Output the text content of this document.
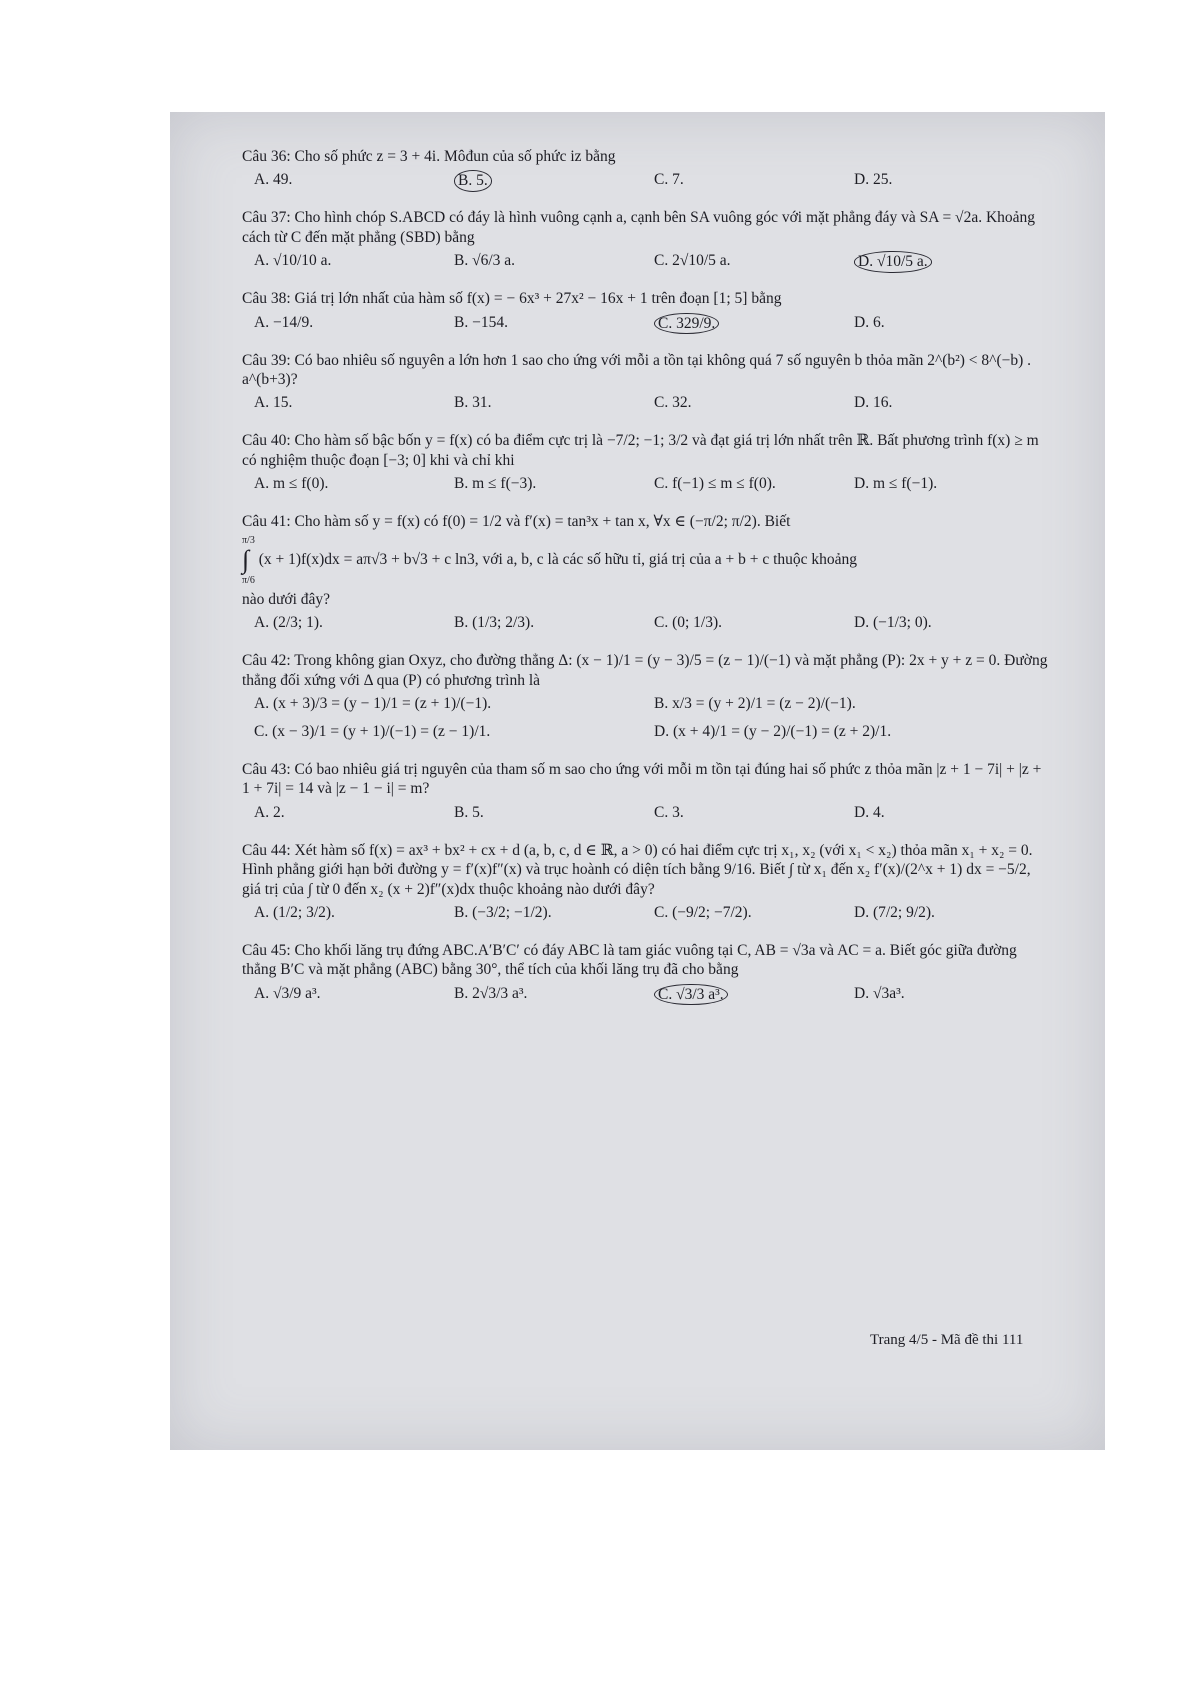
Câu 36: Cho số phức z = 3 + 4i. Môđun của số phức iz bằng
A. 49.	B. 5.	C. 7.	D. 25.
Câu 37: Cho hình chóp S.ABCD có đáy là hình vuông cạnh a, cạnh bên SA vuông góc với mặt phẳng đáy và SA = √2a. Khoảng cách từ C đến mặt phẳng (SBD) bằng
A. √10/10 a.	B. √6/3 a.	C. 2√10/5 a.	D. √10/5 a.
Câu 38: Giá trị lớn nhất của hàm số f(x) = − 6x³ + 27x² − 16x + 1 trên đoạn [1; 5] bằng
A. −14/9.	B. −154.	C. 329/9.	D. 6.
Câu 39: Có bao nhiêu số nguyên a lớn hơn 1 sao cho ứng với mỗi a tồn tại không quá 7 số nguyên b thỏa mãn 2^(b²) < 8^(−b) . a^(b+3)?
A. 15.	B. 31.	C. 32.	D. 16.
Câu 40: Cho hàm số bậc bốn y = f(x) có ba điểm cực trị là −7/2; −1; 3/2 và đạt giá trị lớn nhất trên ℝ. Bất phương trình f(x) ≥ m có nghiệm thuộc đoạn [−3; 0] khi và chỉ khi
A. m ≤ f(0).	B. m ≤ f(−3).	C. f(−1) ≤ m ≤ f(0).	D. m ≤ f(−1).
Câu 41: Cho hàm số y = f(x) có f(0) = 1/2 và f′(x) = tan³x + tan x, ∀x ∈ (−π/2; π/2). Biết
π/3
∫
π/6
(x + 1)f(x)dx = aπ√3 + b√3 + c ln3, với a, b, c là các số hữu tỉ, giá trị của a + b + c thuộc khoảng
nào dưới đây?
A. (2/3; 1).	B. (1/3; 2/3).	C. (0; 1/3).	D. (−1/3; 0).
Câu 42: Trong không gian Oxyz, cho đường thẳng Δ: (x − 1)/1 = (y − 3)/5 = (z − 1)/(−1) và mặt phẳng (P): 2x + y + z = 0. Đường thẳng đối xứng với Δ qua (P) có phương trình là
A. (x + 3)/3 = (y − 1)/1 = (z + 1)/(−1).	B. x/3 = (y + 2)/1 = (z − 2)/(−1).
C. (x − 3)/1 = (y + 1)/(−1) = (z − 1)/1.	D. (x + 4)/1 = (y − 2)/(−1) = (z + 2)/1.
Câu 43: Có bao nhiêu giá trị nguyên của tham số m sao cho ứng với mỗi m tồn tại đúng hai số phức z thỏa mãn |z + 1 − 7i| + |z + 1 + 7i| = 14 và |z − 1 − i| = m?
A. 2.	B. 5.	C. 3.	D. 4.
Câu 44: Xét hàm số f(x) = ax³ + bx² + cx + d (a, b, c, d ∈ ℝ, a > 0) có hai điểm cực trị x₁, x₂ (với x₁ < x₂) thỏa mãn x₁ + x₂ = 0. Hình phẳng giới hạn bởi đường y = f′(x)f″(x) và trục hoành có diện tích bằng 9/16. Biết ∫ từ x₁ đến x₂ f′(x)/(2^x + 1) dx = −5/2, giá trị của ∫ từ 0 đến x₂ (x + 2)f″(x)dx thuộc khoảng nào dưới đây?
A. (1/2; 3/2).	B. (−3/2; −1/2).	C. (−9/2; −7/2).	D. (7/2; 9/2).
Câu 45: Cho khối lăng trụ đứng ABC.A′B′C′ có đáy ABC là tam giác vuông tại C, AB = √3a và AC = a. Biết góc giữa đường thẳng B′C và mặt phẳng (ABC) bằng 30°, thể tích của khối lăng trụ đã cho bằng
A. √3/9 a³.	B. 2√3/3 a³.	C. √3/3 a³.	D. √3a³.
Trang 4/5 - Mã đề thi 111
